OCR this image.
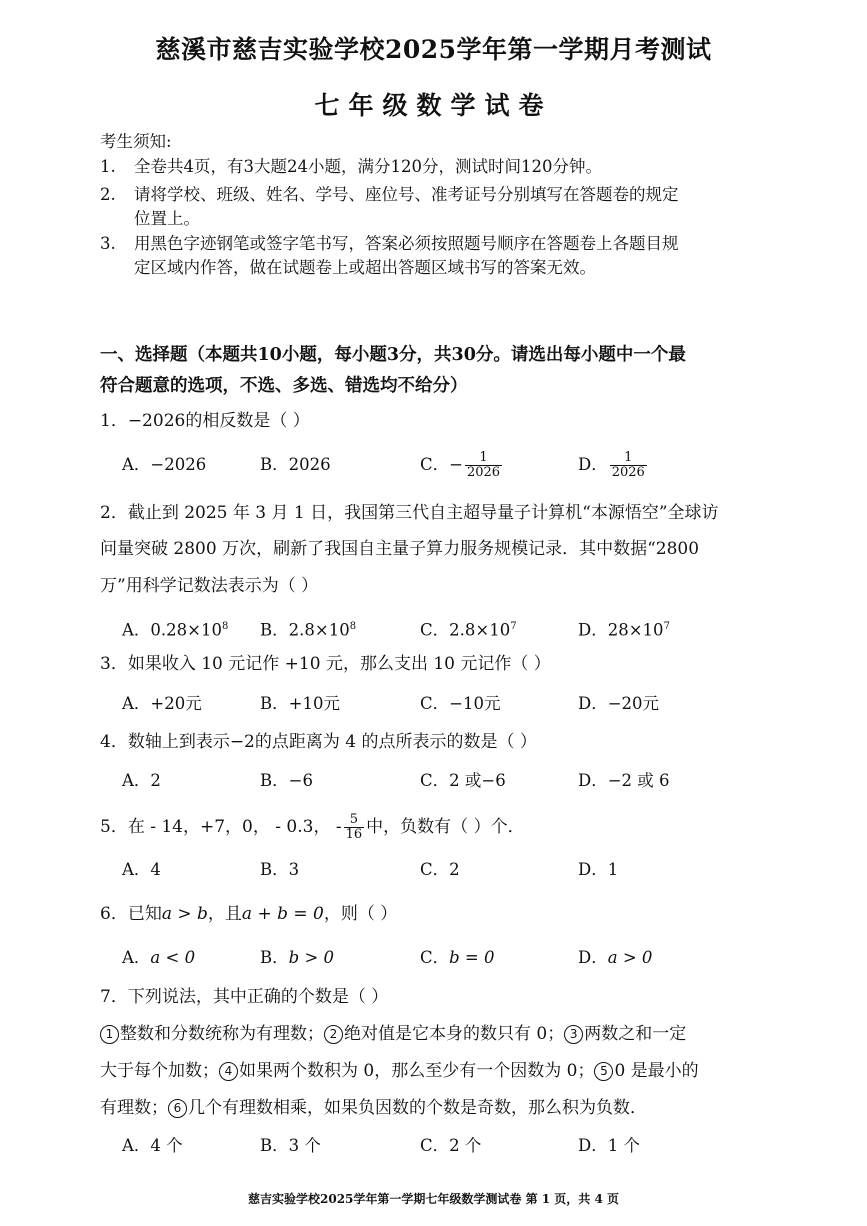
慈溪市慈吉实验学校2025学年第一学期月考测试
七年级数学试卷
考生须知:
1. 全卷共4页，有3大题24小题，满分120分，测试时间120分钟。
2. 请将学校、班级、姓名、学号、座位号、准考证号分别填写在答题卷的规定
位置上。
3. 用黑色字迹钢笔或签字笔书写，答案必须按照题号顺序在答题卷上各题目规
定区域内作答，做在试题卷上或超出答题区域书写的答案无效。
一、选择题（本题共10小题，每小题3分，共30分。请选出每小题中一个最
符合题意的选项，不选、多选、错选均不给分）
1．−2026的相反数是（ ）
A．−2026	B．2026	C．− $\frac{1}{2026}$	D． $\frac{1}{2026}$
2．截止到 2025 年 3 月 1 日，我国第三代自主超导量子计算机“本源悟空”全球访
问量突破 2800 万次，刷新了我国自主量子算力服务规模记录．其中数据“2800
万”用科学记数法表示为（ ）
A．$0.28\times 10^8$ B．$2.8\times 10^8$	C．$2.8\times 10^7$	D．$28\times 10^7$
3．如果收入 10 元记作 +10 元，那么支出 10 元记作（ ）
A．+20元	B．+10元	C．−10元	D．−20元
4．数轴上到表示−2的点距离为 4 的点所表示的数是（ ）
A．2	B．−6	C．2 或−6	D．−2 或 6
5．在 - 14，+7，0， - 0.3， - $\frac{5}{16}$ 中，负数有（ ）个．
A．4	B．3	C．2	D．1
6．已知a > b，且a + b = 0，则（ ）
A．a < 0	B．b > 0	C．b = 0	D．a > 0
7．下列说法，其中正确的个数是（ ）
1 整数和分数统称为有理数； 2 绝对值是它本身的数只有 0； 3 两数之和一定
大于每个加数； 4 如果两个数积为 0，那么至少有一个因数为 0； 5 0 是最小的
有理数； 6 几个有理数相乘，如果负因数的个数是奇数，那么积为负数．
A．4 个	B．3 个	C．2 个	D．1 个
慈吉实验学校2025学年第一学期七年级数学测试卷 第 1 页，共 4 页
